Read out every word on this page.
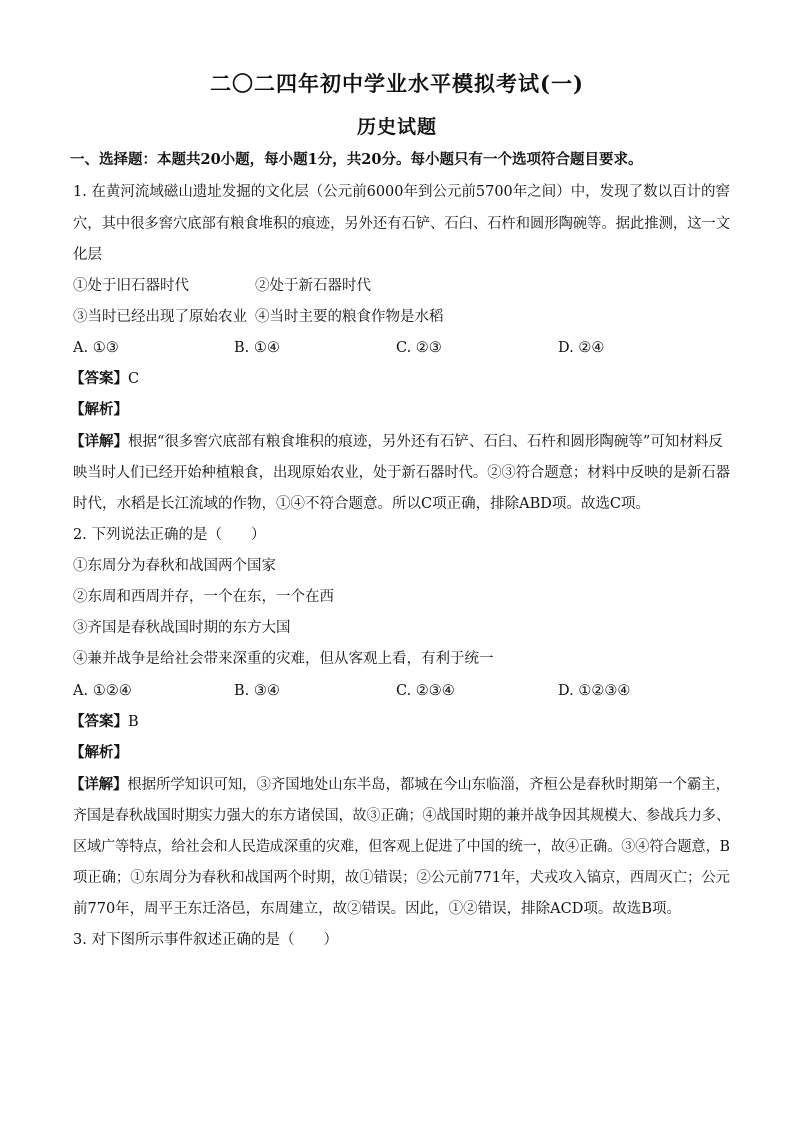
二〇二四年初中学业水平模拟考试(一)
历史试题
一、选择题：本题共20小题，每小题1分，共20分。每小题只有一个选项符合题目要求。
1. 在黄河流域磁山遗址发掘的文化层（公元前6000年到公元前5700年之间）中，发现了数以百计的窖
穴，其中很多窖穴底部有粮食堆积的痕迹，另外还有石铲、石臼、石杵和圆形陶碗等。据此推测，这一文
化层
①处于旧石器时代	②处于新石器时代
③当时已经出现了原始农业 ④当时主要的粮食作物是水稻
A. ①③	B. ①④	C. ②③	D. ②④
【答案】C
【解析】
【详解】根据“很多窖穴底部有粮食堆积的痕迹，另外还有石铲、石臼、石杵和圆形陶碗等”可知材料反
映当时人们已经开始种植粮食，出现原始农业，处于新石器时代。②③符合题意；材料中反映的是新石器
时代，水稻是长江流域的作物，①④不符合题意。所以C项正确，排除ABD项。故选C项。
2. 下列说法正确的是（　　）
①东周分为春秋和战国两个国家
②东周和西周并存，一个在东，一个在西
③齐国是春秋战国时期的东方大国
④兼并战争是给社会带来深重的灾难，但从客观上看，有利于统一
A. ①②④	B. ③④	C. ②③④	D. ①②③④
【答案】B
【解析】
【详解】根据所学知识可知，③齐国地处山东半岛，都城在今山东临淄，齐桓公是春秋时期第一个霸主，
齐国是春秋战国时期实力强大的东方诸侯国，故③正确；④战国时期的兼并战争因其规模大、参战兵力多、
区域广等特点，给社会和人民造成深重的灾难，但客观上促进了中国的统一，故④正确。③④符合题意，B
项正确；①东周分为春秋和战国两个时期，故①错误；②公元前771年，犬戎攻入镐京，西周灭亡；公元
前770年，周平王东迁洛邑，东周建立，故②错误。因此，①②错误，排除ACD项。故选B项。
3. 对下图所示事件叙述正确的是（　　）
